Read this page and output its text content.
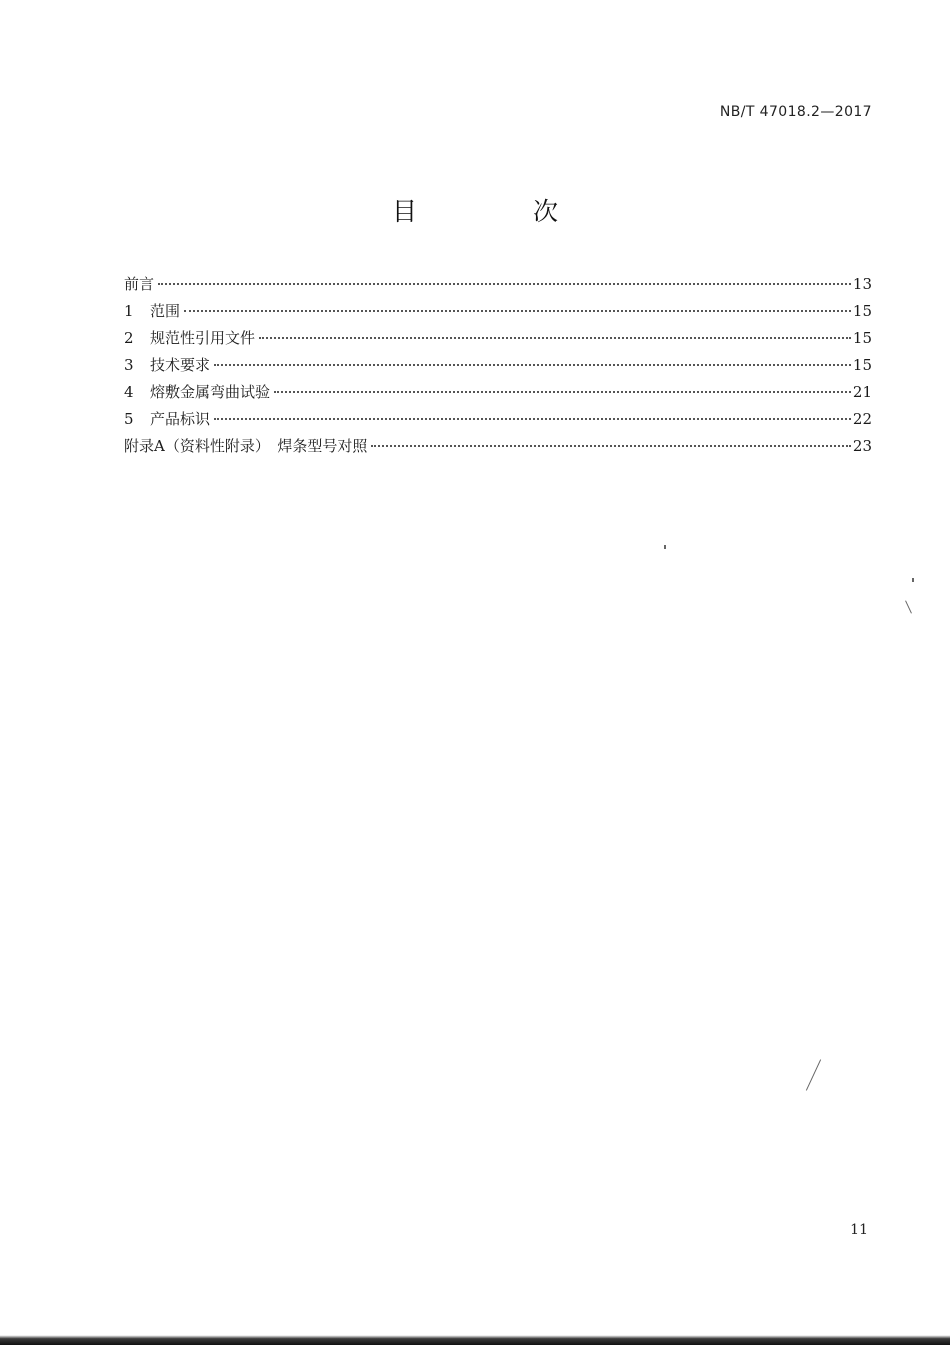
NB/T 47018.2—2017
目 次
前言	13
1	范围	15
2	规范性引用文件	15
3	技术要求	15
4	熔敷金属弯曲试验	21
5	产品标识	22
附录A（资料性附录）　焊条型号对照	23
11
